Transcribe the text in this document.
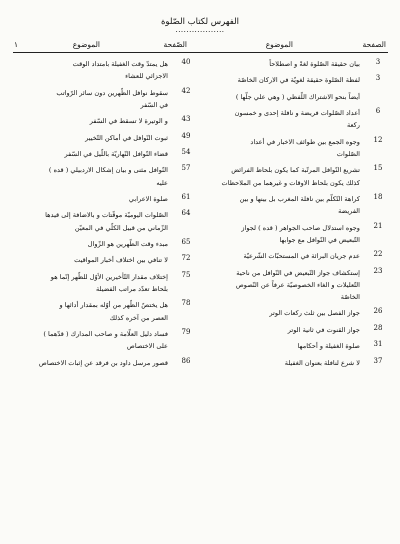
الفهرس لكتاب الصّلوة
..................
الصفحة
الموضوع
الصّفحة
الموضوع
١
3
بيان حقيقة الصّلوة لغةً و اصطلاحاً
3
لفظة الصّلوة حقيقة لغويّة في الاركان الخاصّة
أيضاً بنحو الاشتراك اللّفظي ( وهي علي جلّها )
6
أعداد الصّلوات فريضة و نافلة إحدى و خمسون
ركعة
12
وجوه الجمع بين طوائف الاخبار في أعداد
الصّلوات
15
تشريع النّوافل المرتّبة كما يكون بلحاظ الفرائض
كذلك يكون بلحاظ الاوقات و غيرهما من الملاحظات
18
كراهة التّكلّم بين نافلة المغرب بل بينها و بين
الفريضة
21
وجوه استدلال صاحب الجواهر ( قده ) لجواز
التّبعيض في النّوافل مع جوابها
22
عدم جريان البرائة في المستحبّات الشّرعيّة
23
إستكشاف جواز التّبعيض في النّوافل من ناحية
التّعليلات و الغاء الخصوصيّة عرفاً عن النّصوص
الخاصّة
26
جواز الفصل بين ثلث ركعات الوتر
28
جواز القنوت في ثانية الوتر
31
صلوة الغفيلة و أحكامها
37
لا شرع لنافلة بعنوان الغفيلة
40
هل يمتدّ وقت الغفيلة بامتداد الوقت
الاجزائي للعشاء
42
سقوط نوافل الظّهرين دون سائر الرّواتب
في السّفر
43
و الوتيرة لا تسقط في السّفر
49
ثبوت النّوافل في أماكن التّخيير
54
قضاء النّوافل النّهاريّة باللّيل في السّفر
57
النّوافل مثنى و بيان إشكال الاردبيلي ( قده )
عليه
61
صلوة الاعرابي
64
الصّلوات اليوميّة موقّتات و بالاضافة إلى قيدها
الزّماني من قبيل الكلّي في المعيّن
65
مبدء وقت الظّهرين هو الزّوال
72
لا تنافي بين اختلاف أخبار المواقيت
75
إختلاف مقدار التّأخيرين الأوّل للظّهر إنّما هو
بلحاظ تعدّد مراتب الفضيلة
78
هل يختصّ الظّهر من أوّله بمقدار أدائها و
العصر من آخره كذلك
79
فساد دليل العلّامة و صاحب المدارك ( قدّهما )
على الاختصاص
86
قصور مرسل داود بن فرقد عن إثبات الاختصاص
